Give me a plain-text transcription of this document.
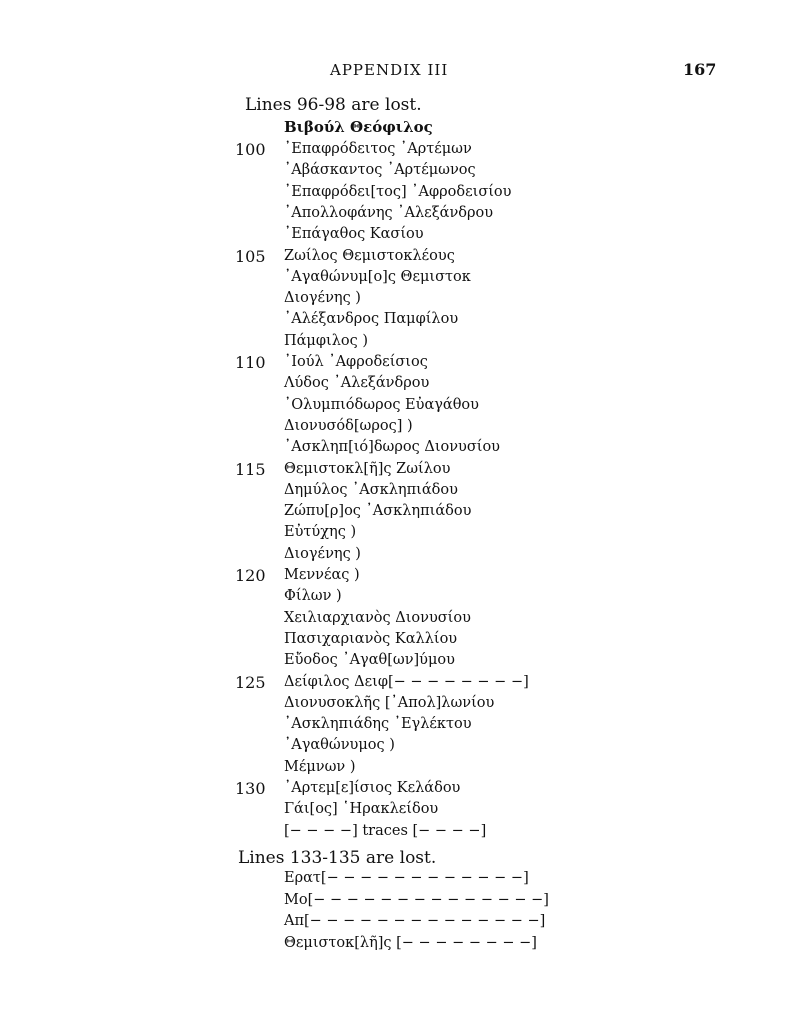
APPENDIX III	167
Lines 96-98 are lost.
Βιβούλ Θεόφιλος
100 ᾿Επαφρόδειτος ᾿Αρτέμων
᾿Αβάσκαντος ᾿Αρτέμωνος
᾿Επαφρόδει[τος] ᾿Αφροδεισίου
᾿Απολλοφάνης ᾿Αλεξάνδρου
᾿Επάγαθος Κασίου
105 Ζωίλος Θεμιστοκλέους
᾿Αγαθώνυμ[ο]ς Θεμιστοκ
Διογένης )
᾿Αλέξανδρος Παμφίλου
Πάμφιλος )
110 ᾿Ιούλ ᾿Αφροδείσιος
Λύδος ᾿Αλεξάνδρου
᾿Ολυμπιόδωρος Εὐαγάθου
Διονυσόδ[ωρος] )
᾿Ασκληπ[ιό]δωρος Διονυσίου
115 Θεμιστοκλ[ῆ]ς Ζωίλου
Δημύλος ᾿Ασκληπιάδου
Ζώπυ[ρ]ος ᾿Ασκληπιάδου
Εὐτύχης )
Διογένης )
120 Μεννέας )
Φίλων )
Χειλιαρχιανὸς Διονυσίου
Πασιχαριανὸς Καλλίου
Εὔοδος ᾿Αγαθ[ων]ύμου
125 Δείφιλος Δειφ[− − − − − − − −]
Διονυσοκλῆς [᾿Απολ]λωνίου
᾿Ασκληπιάδης ᾿Εγλέκτου
᾿Αγαθώνυμος )
Μέμνων )
130 ᾿Αρτεμ[ε]ίσιος Κελάδου
Γάι[ος] ῾Ηρακλείδου
[− − − −] traces [− − − −]
Lines 133-135 are lost.
Ερατ[− − − − − − − − − − − −]
Μο[− − − − − − − − − − − − − −]
Απ[− − − − − − − − − − − − − −]
Θεμιστοκ[λῆ]ς [− − − − − − − −]
